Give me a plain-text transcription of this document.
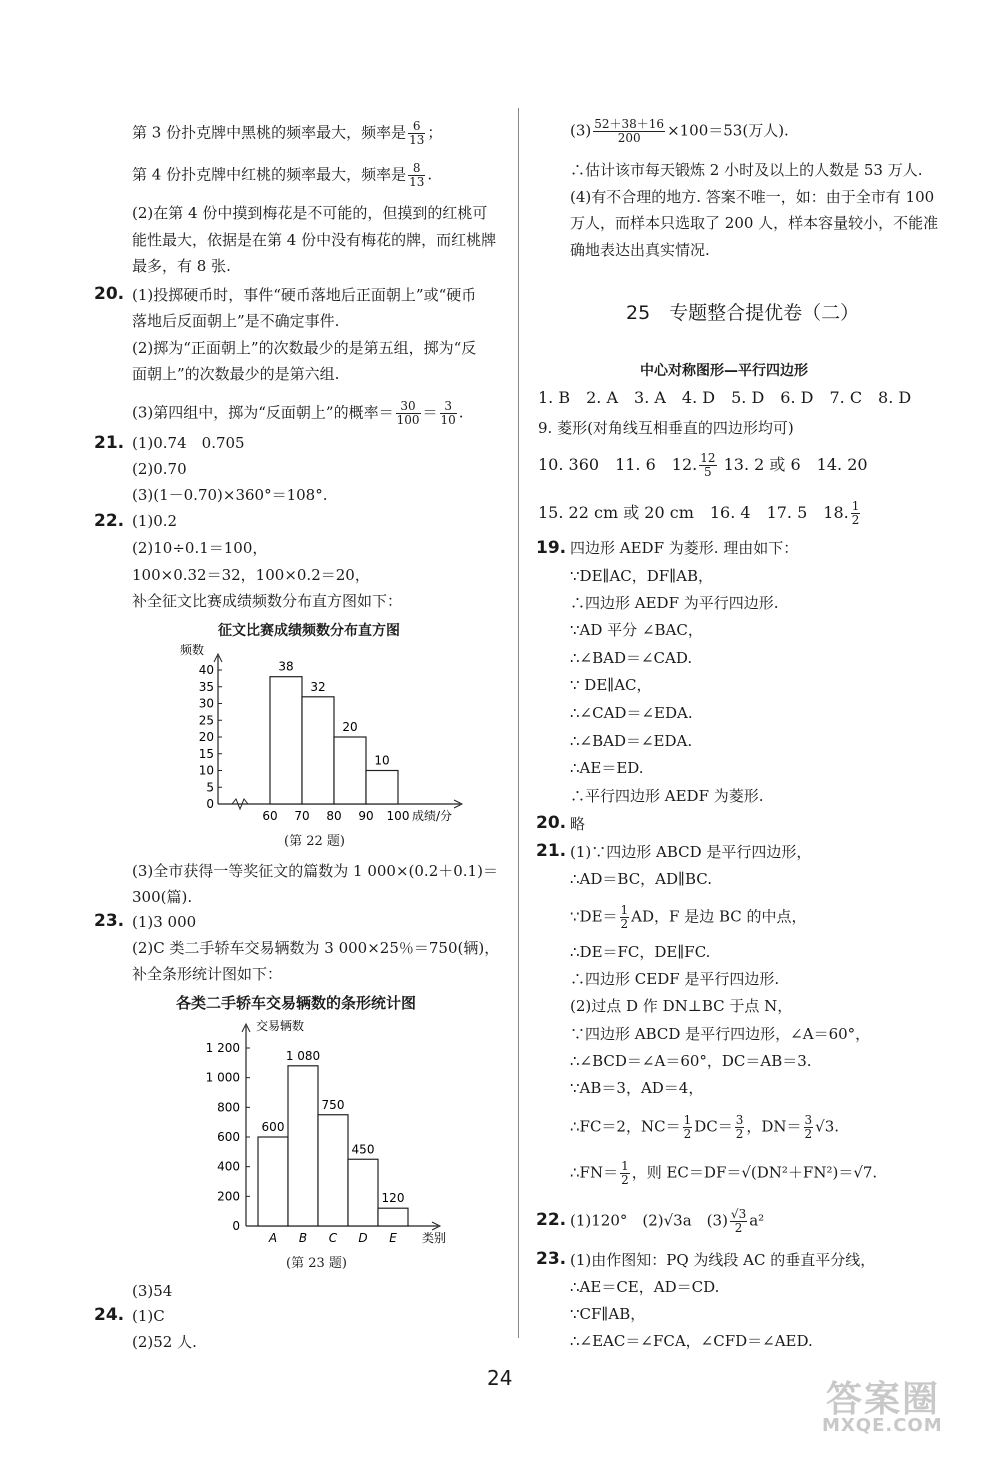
第 3 份扑克牌中黑桃的频率最大，频率是 $\frac{6}{13}$ ；
第 4 份扑克牌中红桃的频率最大，频率是 $\frac{8}{13}$ .
(2)在第 4 份中摸到梅花是不可能的，但摸到的红桃可
能性最大，依据是在第 4 份中没有梅花的牌，而红桃牌
最多，有 8 张.
20. (1)投掷硬币时，事件“硬币落地后正面朝上”或“硬币
落地后反面朝上”是不确定事件.
(2)掷为“正面朝上”的次数最少的是第五组，掷为“反
面朝上”的次数最少的是第六组.
(3)第四组中，掷为“反面朝上”的概率＝ $\frac{30}{100} = \frac{3}{10}$ .
21. (1)0.74　0.705
(2)0.70
(3)(1－0.70)×360°＝108°.
22. (1)0.2
(2)10÷0.1＝100，
100×0.32＝32，100×0.2＝20，
补全征文比赛成绩频数分布直方图如下：
征文比赛成绩频数分布直方图
频数
0
5
10
15
20
25
30
35
40
60 70 80 90 100 成绩/分
38
32
20
10
(第 22 题)
(3)全市获得一等奖征文的篇数为 1 000×(0.2＋0.1)＝
300(篇).
23. (1)3 000
(2)C 类二手轿车交易辆数为 3 000×25％＝750(辆)，
补全条形统计图如下：
各类二手轿车交易辆数的条形统计图
交易辆数
0
200
400
600
800
1 000
1 200
600
A
1 080
B
750
C
450
D
120
E 类别
(第 23 题)
(3)54
24. (1)C
(2)52 人.
$(3) \frac{52+38+16}{200} \times 100=53$(万人).
∴估计该市每天锻炼 2 小时及以上的人数是 53 万人.
(4)有不合理的地方. 答案不唯一，如：由于全市有 100
万人，而样本只选取了 200 人，样本容量较小，不能准
确地表达出真实情况.
25　专题整合提优卷（二）
中心对称图形—平行四边形
1. B　2. A　3. A　4. D　5. D　6. D　7. C　8. D
9. 菱形(对角线互相垂直的四边形均可)
10. 360　11. 6　12. $\frac{12}{5} 13$. 2 或 6　14. 20
15. 22 cm 或 20 cm　16. 4　17. 5　18. $\frac{1}{2}$
19. 四边形 AEDF 为菱形. 理由如下：
∵DE∥AC，DF∥AB，
∴四边形 AEDF 为平行四边形.
∵AD 平分 ∠BAC，
∴∠BAD＝∠CAD.
∵ DE∥AC，
∴∠CAD＝∠EDA.
∴∠BAD＝∠EDA.
∴AE＝ED.
∴平行四边形 AEDF 为菱形.
20. 略
21. (1)∵四边形 ABCD 是平行四边形，
∴AD＝BC，AD∥BC.
∵DE＝ $\frac{1}{2}$ AD，F 是边 BC 的中点，
∴DE＝FC，DE∥FC.
∴四边形 CEDF 是平行四边形.
(2)过点 D 作 DN⊥BC 于点 N，
∵四边形 ABCD 是平行四边形，∠A＝60°，
∴∠BCD＝∠A＝60°，DC＝AB＝3.
∵AB＝3，AD＝4，
∴FC＝2，$NC= \frac{1}{2} DC= \frac{3}{2}$ ，$DN= \frac{3}{2} √3$.
∴FN＝ $\frac{1}{2}$ ，则 EC＝DF＝√(DN²＋FN²)＝√7.
22. (1)120°　(2)√3a　$(3) \frac{√3}{2} a^2$
23. (1)由作图知：PQ 为线段 AC 的垂直平分线，
∴AE＝CE，AD＝CD.
∵CF∥AB，
∴∠EAC＝∠FCA，∠CFD＝∠AED.
24
答案圈
MXQE.COM
